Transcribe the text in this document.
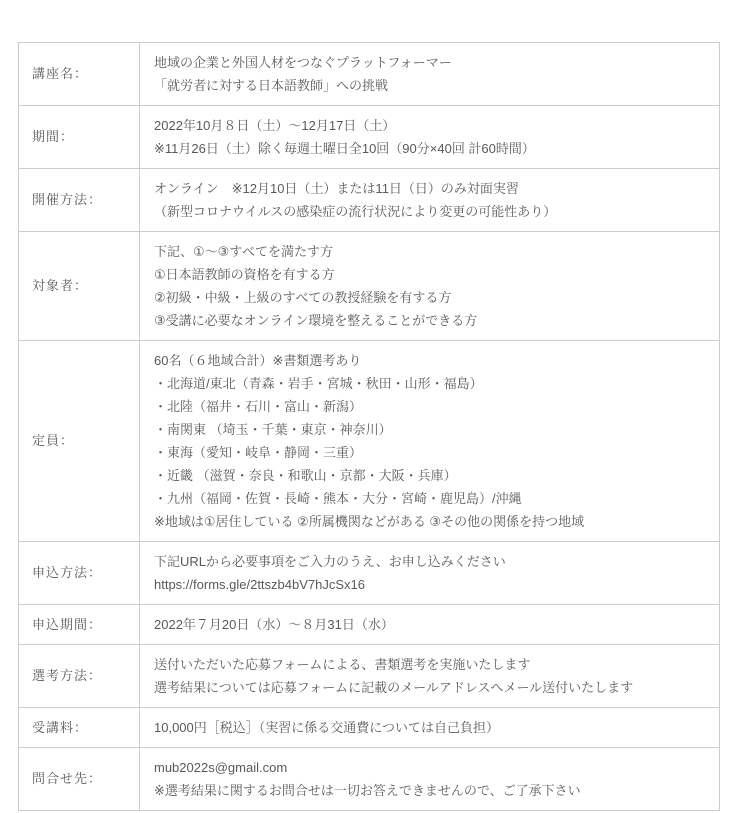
講座名：	地域の企業と外国人材をつなぐプラットフォーマー
「就労者に対する日本語教師」への挑戦

期間：	2022年10月８日（土）～12月17日（土）
※11月26日（土）除く毎週土曜日全10回（90分×40回 計60時間）

開催方法：	オンライン　※12月10日（土）または11日（日）のみ対面実習
（新型コロナウイルスの感染症の流行状況により変更の可能性あり）

対象者：	下記、①～③すべてを満たす方
①日本語教師の資格を有する方
②初級・中級・上級のすべての教授経験を有する方
③受講に必要なオンライン環境を整えることができる方

定員：	
60名（６地域合計）※書類選考あり
・北海道/東北（青森・岩手・宮城・秋田・山形・福島）
・北陸（福井・石川・富山・新潟）
・南関東 （埼玉・千葉・東京・神奈川）
・東海（愛知・岐阜・静岡・三重）
・近畿 （滋賀・奈良・和歌山・京都・大阪・兵庫）
・九州（福岡・佐賀・長崎・熊本・大分・宮崎・鹿児島）/沖縄
※地域は①居住している ②所属機関などがある ③その他の関係を持つ地域

申込方法：	下記URLから必要事項をご入力のうえ、お申し込みください
https://forms.gle/2ttszb4bV7hJcSx16

申込期間：	2022年７月20日（水）～８月31日（水）

選考方法：	送付いただいた応募フォームによる、書類選考を実施いたします
選考結果については応募フォームに記載のメールアドレスへメール送付いたします

受講料：	10,000円［税込］（実習に係る交通費については自己負担）

問合せ先：	mub2022s@gmail.com
※選考結果に関するお問合せは一切お答えできませんので、ご了承下さい
